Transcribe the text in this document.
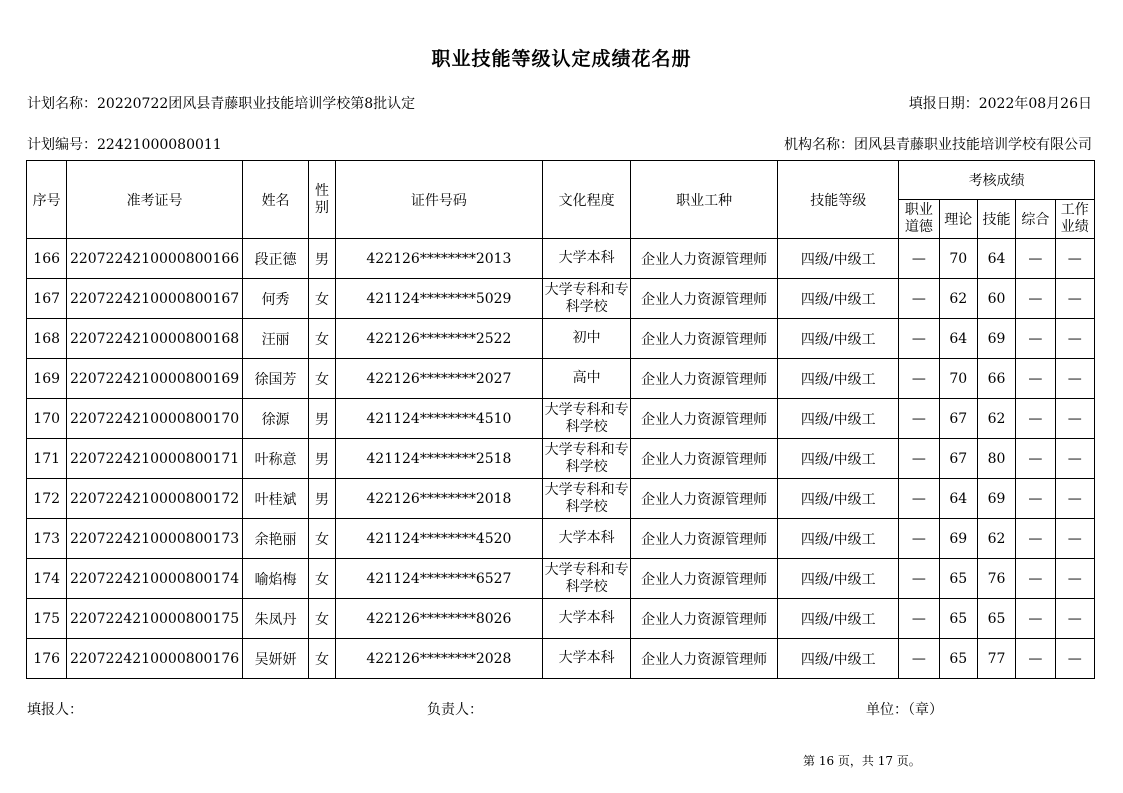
职业技能等级认定成绩花名册
计划名称：20220722团风县青藤职业技能培训学校第8批认定	填报日期：2022年08月26日
计划编号：22421000080011	机构名称：团风县青藤职业技能培训学校有限公司
序号	准考证号	姓名	性别	证件号码	文化程度	职业工种	技能等级	考核成绩				
								职业道德	理论	技能	综合	工作业绩
166	2207224210000800166	段正德	男	422126********2013	大学本科	企业人力资源管理师	四级/中级工	—	70	64	—	—
167	2207224210000800167	何秀	女	421124********5029	大学专科和专科学校	企业人力资源管理师	四级/中级工	—	62	60	—	—
168	2207224210000800168	汪丽	女	422126********2522	初中	企业人力资源管理师	四级/中级工	—	64	69	—	—
169	2207224210000800169	徐国芳	女	422126********2027	高中	企业人力资源管理师	四级/中级工	—	70	66	—	—
170	2207224210000800170	徐源	男	421124********4510	大学专科和专科学校	企业人力资源管理师	四级/中级工	—	67	62	—	—
171	2207224210000800171	叶称意	男	421124********2518	大学专科和专科学校	企业人力资源管理师	四级/中级工	—	67	80	—	—
172	2207224210000800172	叶桂斌	男	422126********2018	大学专科和专科学校	企业人力资源管理师	四级/中级工	—	64	69	—	—
173	2207224210000800173	余艳丽	女	421124********4520	大学本科	企业人力资源管理师	四级/中级工	—	69	62	—	—
174	2207224210000800174	喻焰梅	女	421124********6527	大学专科和专科学校	企业人力资源管理师	四级/中级工	—	65	76	—	—
175	2207224210000800175	朱凤丹	女	422126********8026	大学本科	企业人力资源管理师	四级/中级工	—	65	65	—	—
176	2207224210000800176	吴妍妍	女	422126********2028	大学本科	企业人力资源管理师	四级/中级工	—	65	77	—	—
填报人：	负责人：	单位：（章）
第 16 页，共 17 页。
